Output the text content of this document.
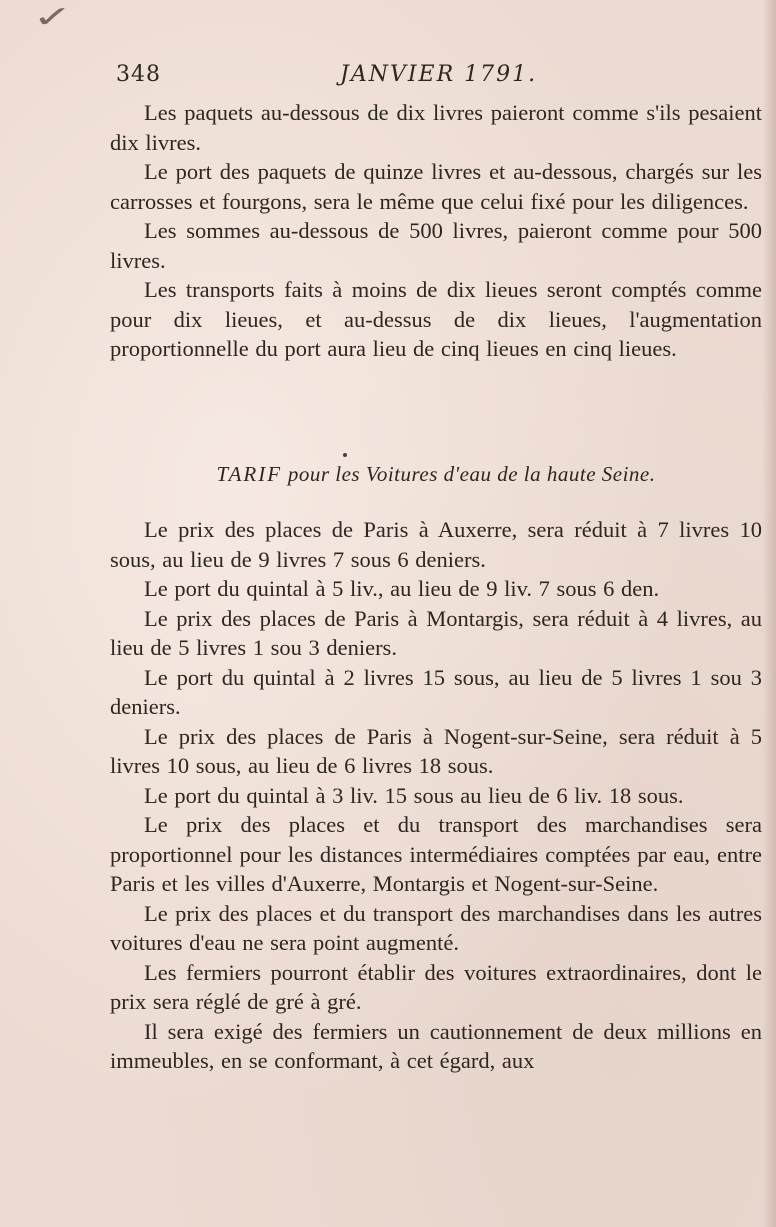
✓
348	JANVIER 1791.

Les paquets au-dessous de dix livres paieront comme s'ils pesaient dix livres.

Le port des paquets de quinze livres et au-dessous, chargés sur les carrosses et fourgons, sera le même que celui fixé pour les diligences.

Les sommes au-dessous de 500 livres, paieront comme pour 500 livres.

Les transports faits à moins de dix lieues seront comptés comme pour dix lieues, et au-dessus de dix lieues, l'augmentation proportionnelle du port aura lieu de cinq lieues en cinq lieues.

TARIF pour les Voitures d'eau de la haute Seine.

Le prix des places de Paris à Auxerre, sera réduit à 7 livres 10 sous, au lieu de 9 livres 7 sous 6 deniers.

Le port du quintal à 5 liv., au lieu de 9 liv. 7 sous 6 den.

Le prix des places de Paris à Montargis, sera réduit à 4 livres, au lieu de 5 livres 1 sou 3 deniers.

Le port du quintal à 2 livres 15 sous, au lieu de 5 livres 1 sou 3 deniers.

Le prix des places de Paris à Nogent-sur-Seine, sera réduit à 5 livres 10 sous, au lieu de 6 livres 18 sous.

Le port du quintal à 3 liv. 15 sous au lieu de 6 liv. 18 sous.

Le prix des places et du transport des marchandises sera proportionnel pour les distances intermédiaires comptées par eau, entre Paris et les villes d'Auxerre, Montargis et Nogent-sur-Seine.

Le prix des places et du transport des marchandises dans les autres voitures d'eau ne sera point augmenté.

Les fermiers pourront établir des voitures extraordinaires, dont le prix sera réglé de gré à gré.

Il sera exigé des fermiers un cautionnement de deux millions en immeubles, en se conformant, à cet égard, aux
